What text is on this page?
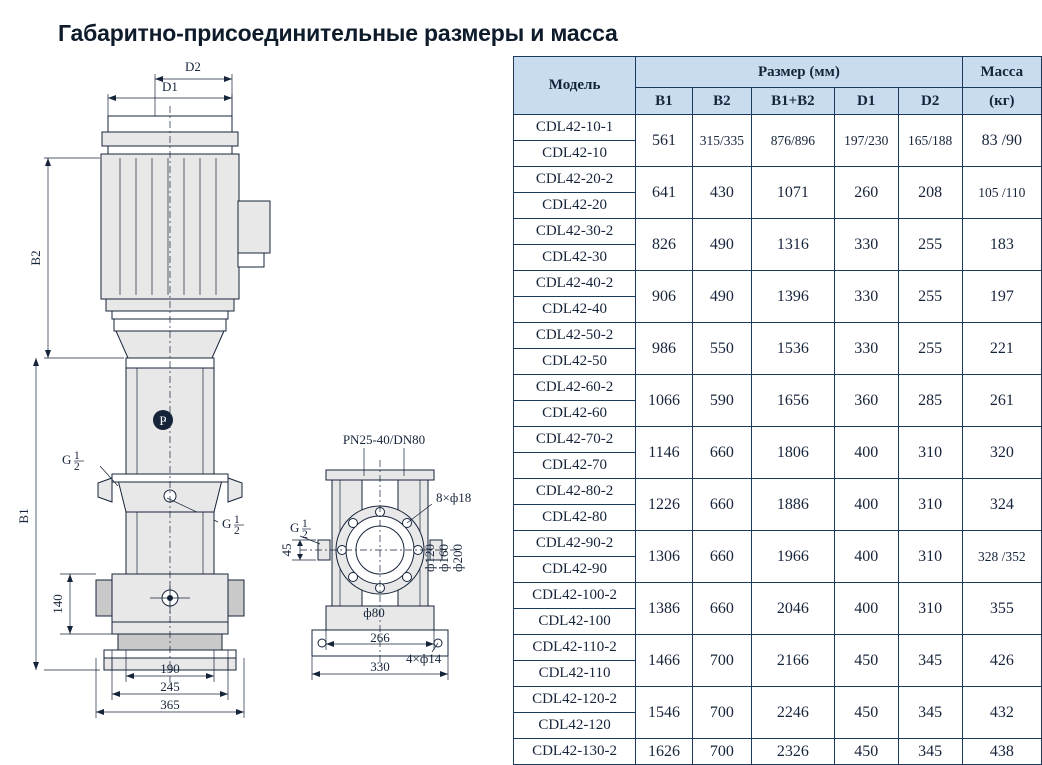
Габаритно-присоединительные размеры и масса
D2
D1
Ҏ
G 1
2
G 1
2
B2
B1
140
190
245
PN25-40/DN80
8×ф18
4×ф14
G 1
2
45	ф120 ф160 ф200
ф80
266
330
365
Модель	Размер (мм)					Масса
	B1	B2	B1+B2	D1	D2	(кг)
CDL42-10-1	561	315/335	876/896	197/230	165/188	83 /90
CDL42-10						
CDL42-20-2	641	430	1071	260	208	105 /110
CDL42-20						
CDL42-30-2	826	490	1316	330	255	183
CDL42-30						
CDL42-40-2	906	490	1396	330	255	197
CDL42-40						
CDL42-50-2	986	550	1536	330	255	221
CDL42-50						
CDL42-60-2	1066	590	1656	360	285	261
CDL42-60						
CDL42-70-2	1146	660	1806	400	310	320
CDL42-70						
CDL42-80-2	1226	660	1886	400	310	324
CDL42-80						
CDL42-90-2	1306	660	1966	400	310	328 /352
CDL42-90						
CDL42-100-2	1386	660	2046	400	310	355
CDL42-100						
CDL42-110-2	1466	700	2166	450	345	426
CDL42-110						
CDL42-120-2	1546	700	2246	450	345	432
CDL42-120						
CDL42-130-2	1626	700	2326	450	345	438
